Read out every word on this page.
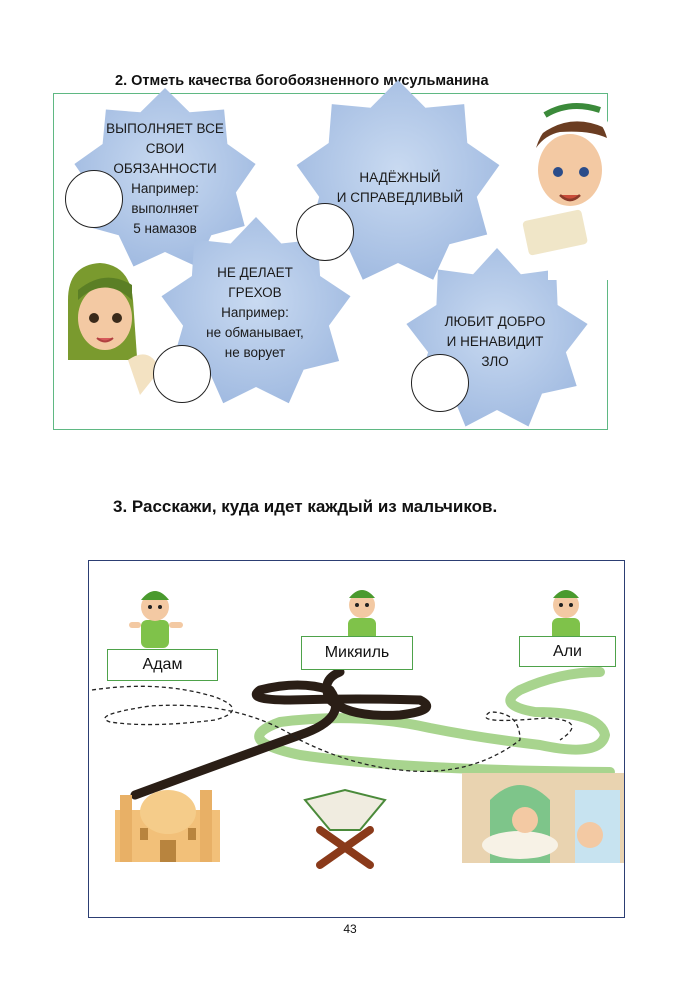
2. Отметь качества богобоязненного мусульманина
ВЫПОЛНЯЕТ ВСЕ
СВОИ
ОБЯЗАННОСТИ
Например:
выполняет
5 намазов
НАДЁЖНЫЙ
И СПРАВЕДЛИВЫЙ
НЕ ДЕЛАЕТ
ГРЕХОВ
Например:
не обманывает,
не ворует
ЛЮБИТ ДОБРО
И НЕНАВИДИТ
ЗЛО
3. Расскажи, куда идет каждый из мальчиков.
Адам
Микяиль	Али
43
